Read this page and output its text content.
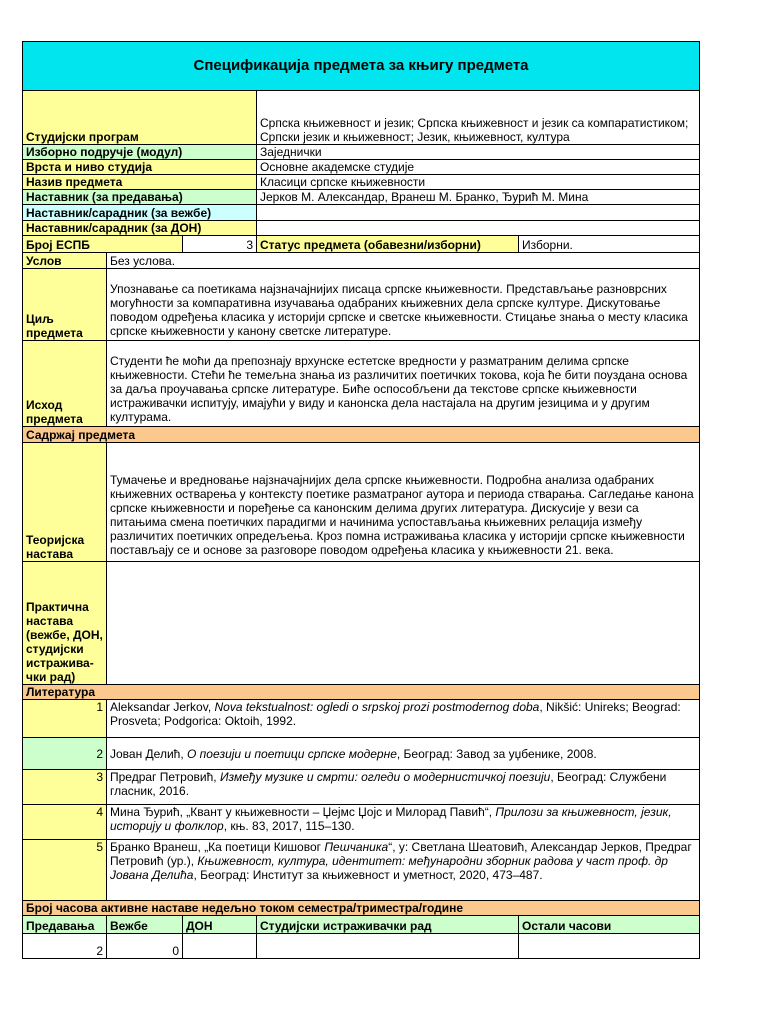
Спецификација предмета за књигу предмета				
Студијски програм			Српска књижевност и језик; Српска књижевност и језик са компаратистиком; Српски језик и књижевност; Језик, књижевност, култура	
Изборно подручје (модул)			Заједнички	
Врста и ниво студија			Основне академске студије	
Назив предмета			Класици српске књижевности	
Наставник (за предавања)			Јерков М. Александар, Вранеш М. Бранко, Ђурић М. Мина	
Наставник/сарадник (за вежбе)				
Наставник/сарадник (за ДОН)				
Број ЕСПБ		3	Статус предмета (обавезни/изборни)	Изборни.
Услов	Без услова.			
Циљ предмета	Упознавање са поетикама најзначајнијих писаца српске књижевности. Представљање разноврсних могућности за компаративна изучавања одабраних књижевних дела српске културе. Дискутовање поводом одређења класика у историји српске и светске књижевности. Стицање знања о месту класика српске књижевности у канону светске литературе.			
Исход предмета	Студенти ће моћи да препознају врхунске естетске вредности у разматраним делима српске књижевности. Стећи ће темељна знања из различитих поетичких токова, која ће бити поуздана основа за даља проучавања српске литературе. Биће оспособљени да текстове српске књижевности истраживачки испитују, имајући у виду и канонска дела настајала на другим језицима и у другим културама.			
Садржај предмета				
Теоријска настава	Тумачење и вредновање најзначајнијих дела српске књижевности. Подробна анализа одабраних књижевних остварења у контексту поетике разматраног аутора и периода стварања. Сагледање канона српске књижевности и поређење са канонским делима других литература. Дискусије у вези са питањима смена поетичких парадигми и начинима успостављања књижевних релација између различитих поетичких опредељења. Кроз помна истраживања класика у историји српске књижевности постављају се и основе за разговоре поводом одређења класика у књижевности 21. века.			
Практична настава (вежбе, ДОН, студијски истражива-чки рад)				
Литература				
1	Aleksandar Jerkov, Nova tekstualnost: ogledi o srpskoj prozi postmodernog doba, Nikšić: Unireks; Beograd: Prosveta; Podgorica: Oktoih, 1992.			
2	Јован Делић, О поезији и поетици српске модерне, Београд: Завод за уџбенике, 2008.			
3	Предраг Петровић, Између музике и смрти: огледи о модернистичкој поезији, Београд: Службени гласник, 2016.			
4	Мина Ђурић, „Квант у књижевности – Џејмс Џојс и Милорад Павић“, Прилози за књижевност, језик, историју и фолклор, књ. 83, 2017, 115–130.			
5	Бранко Вранеш, „Ка поетици Кишовог Пешчаника“, у: Светлана Шеатовић, Александар Јерков, Предраг Петровић (ур.), Књижевност, култура, идентитет: међународни зборник радова у част проф. др Јована Делића, Београд: Институт за књижевност и уметност, 2020, 473–487.			
Број часова активне наставе недељно током семестра/триместра/године				
Предавања	Вежбе	ДОН	Студијски истраживачки рад	Остали часови
2	0			
